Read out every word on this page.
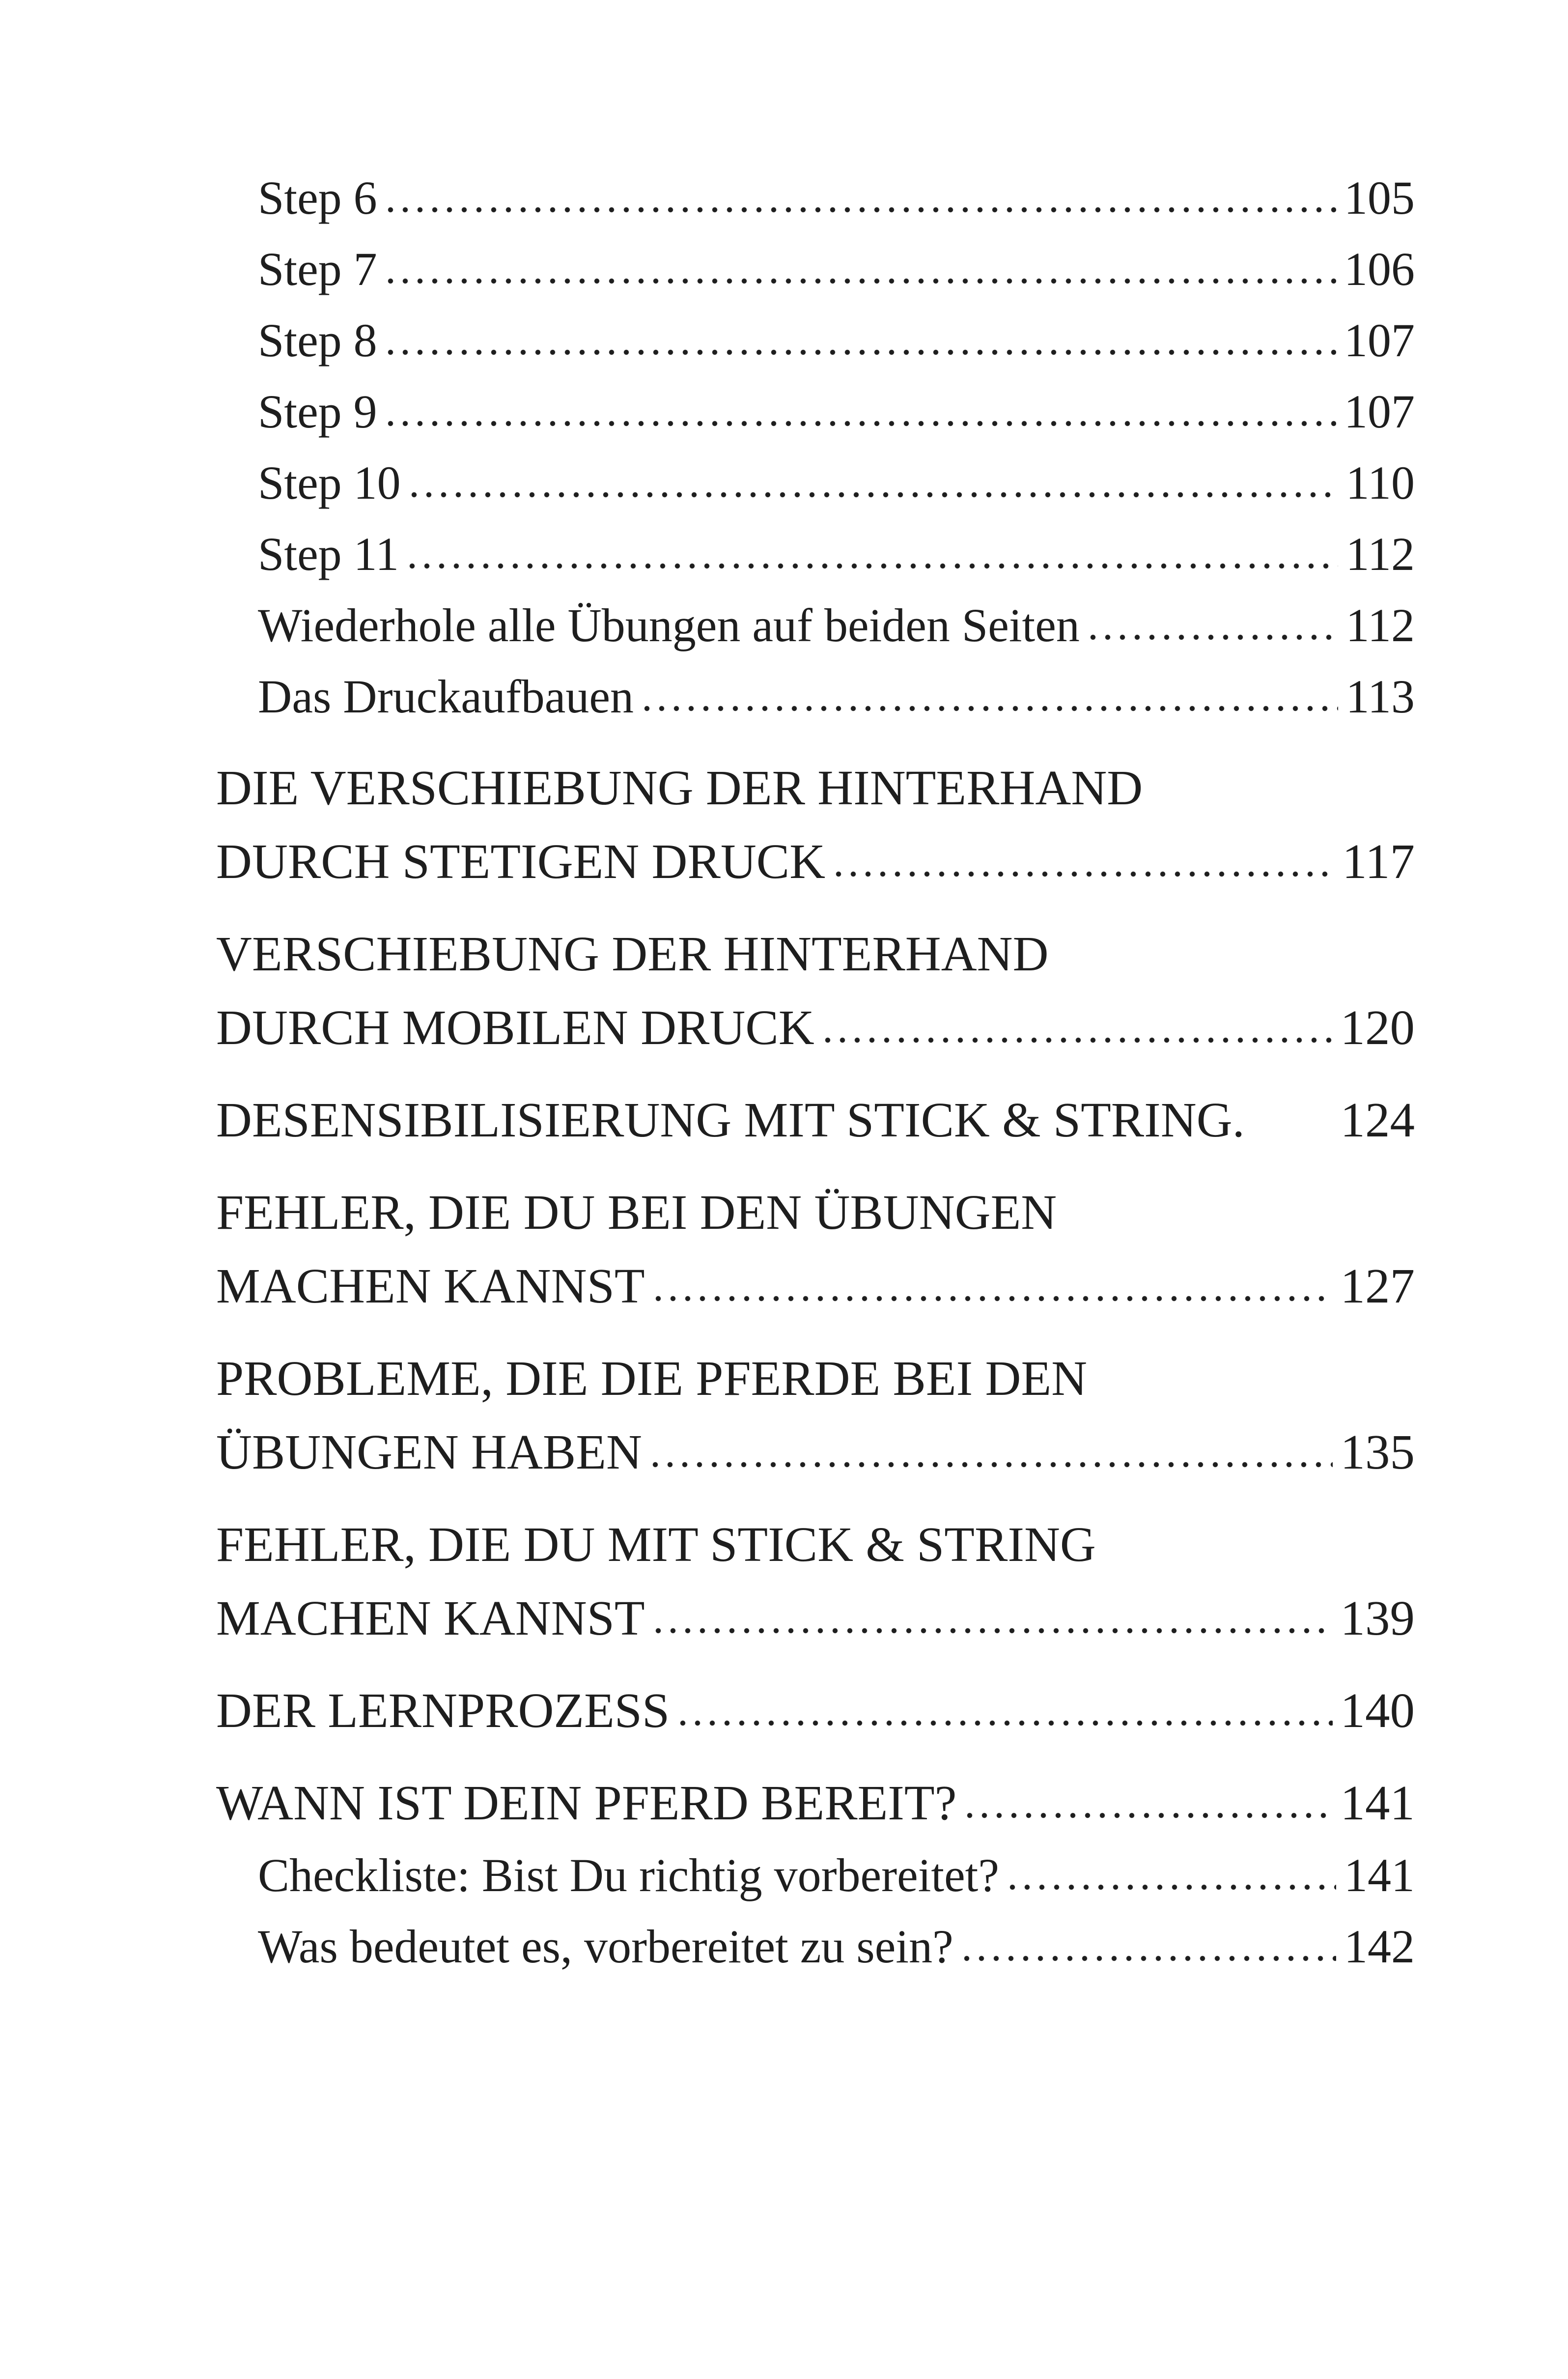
Step 6	105
Step 7	106
Step 8	107
Step 9	107
Step 10	110
Step 11	112
Wiederhole alle Übungen auf beiden Seiten	112
Das Druckaufbauen	113
DIE VERSCHIEBUNG DER HINTERHAND
DURCH STETIGEN DRUCK	117
VERSCHIEBUNG DER HINTERHAND
DURCH MOBILEN DRUCK	120
DESENSIBILISIERUNG MIT STICK & STRING. 124
FEHLER, DIE DU BEI DEN ÜBUNGEN
MACHEN KANNST	127
PROBLEME, DIE DIE PFERDE BEI DEN
ÜBUNGEN HABEN	135
FEHLER, DIE DU MIT STICK & STRING
MACHEN KANNST	139
DER LERNPROZESS	140
WANN IST DEIN PFERD BEREIT?	141
Checkliste: Bist Du richtig vorbereitet?	141
Was bedeutet es, vorbereitet zu sein?	142
